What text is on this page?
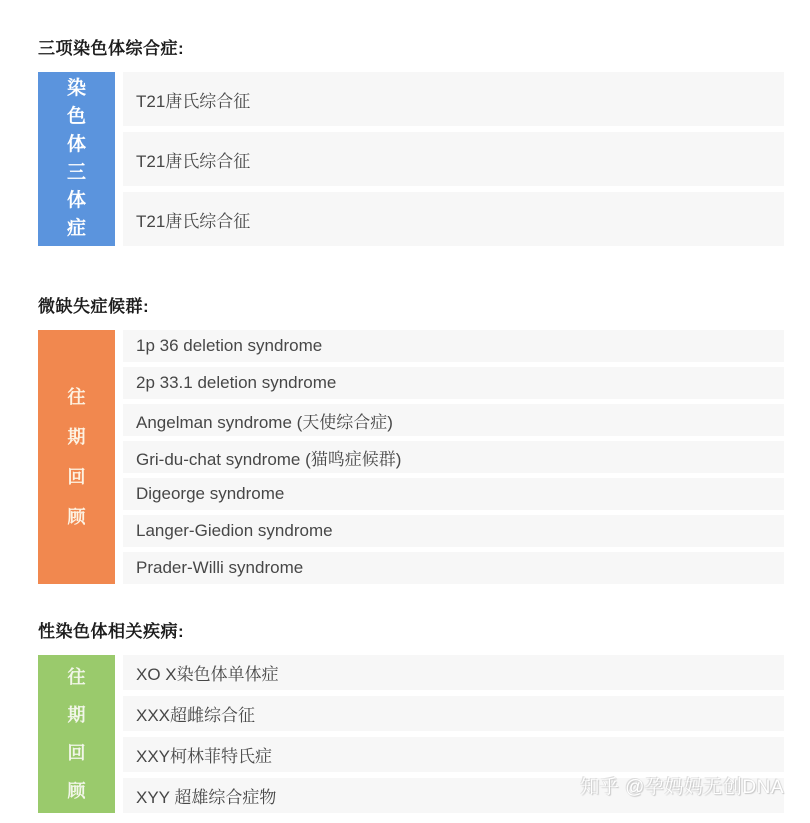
三项染色体综合症:
染色体三体症
T21唐氏综合征
T21唐氏综合征
T21唐氏综合征
微缺失症候群:
往期回顾
1p 36 deletion syndrome
2p 33.1 deletion syndrome
Angelman syndrome (天使综合症)
Gri-du-chat syndrome (猫鸣症候群)
Digeorge syndrome
Langer-Giedion syndrome
Prader-Willi syndrome
性染色体相关疾病:
往期回顾
XO X染色体单体症
XXX超雌综合征
XXY柯林菲特氏症
XYY 超雄综合症物	知乎 @孕妈妈无创DNA
